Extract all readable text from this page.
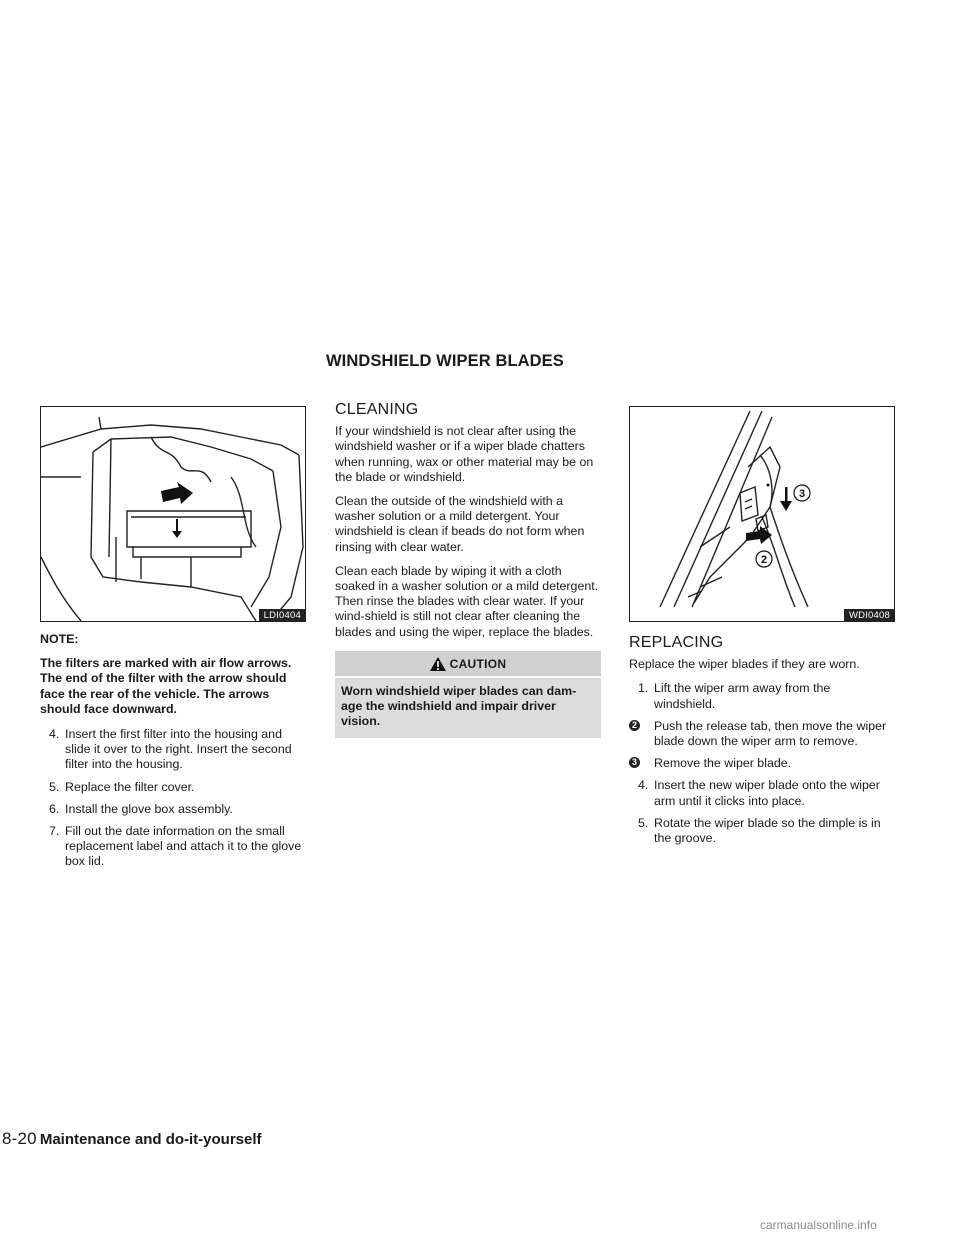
WINDSHIELD WIPER BLADES
LDI0404

NOTE:

The filters are marked with air flow arrows. The end of the filter with the arrow should face the rear of the vehicle. The arrows should face downward.

4. Insert the first filter into the housing and slide it over to the right. Insert the second filter into the housing.
5. Replace the filter cover.
6. Install the glove box assembly.
7. Fill out the date information on the small replacement label and attach it to the glove box lid.
CLEANING

If your windshield is not clear after using the windshield washer or if a wiper blade chatters when running, wax or other material may be on the blade or windshield.

Clean the outside of the windshield with a washer solution or a mild detergent. Your windshield is clean if beads do not form when rinsing with clear water.

Clean each blade by wiping it with a cloth soaked in a washer solution or a mild detergent. Then rinse the blades with clear water. If your wind-shield is still not clear after cleaning the blades and using the wiper, replace the blades.

CAUTION
Worn windshield wiper blades can dam-age the windshield and impair driver vision.
3
2
WDI0408
REPLACING

Replace the wiper blades if they are worn.

1. Lift the wiper arm away from the windshield.
2 Push the release tab, then move the wiper blade down the wiper arm to remove.
3 Remove the wiper blade.
4. Insert the new wiper blade onto the wiper arm until it clicks into place.
5. Rotate the wiper blade so the dimple is in the groove.
8-20 Maintenance and do-it-yourself
carmanualsonline.info
